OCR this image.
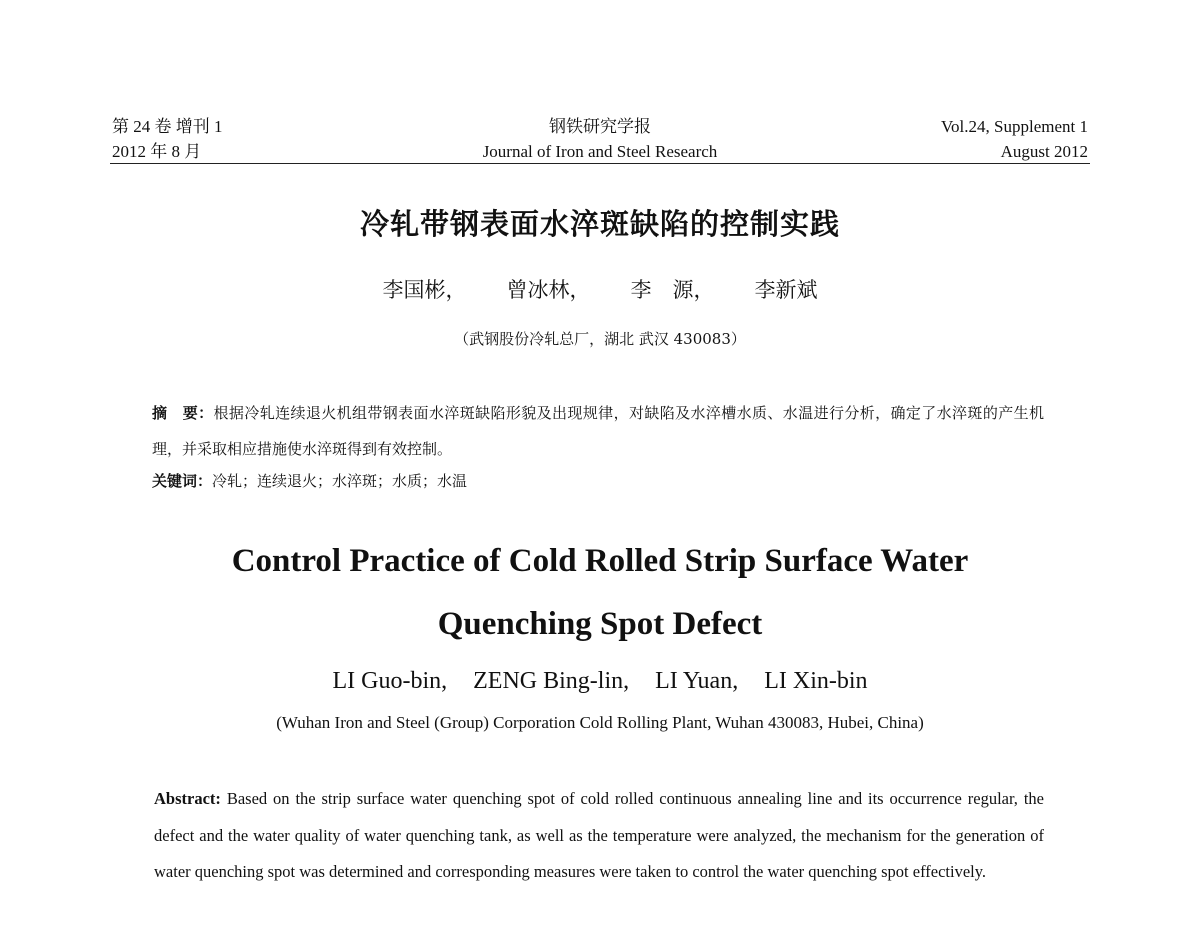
第 24 卷 增刊 1
2012 年 8 月
钢铁研究学报
Journal of Iron and Steel Research
Vol.24, Supplement 1
August 2012
冷轧带钢表面水淬斑缺陷的控制实践
李国彬， 曾冰林， 李　源， 李新斌
（武钢股份冷轧总厂，湖北 武汉 430083）
摘　要：根据冷轧连续退火机组带钢表面水淬斑缺陷形貌及出现规律，对缺陷及水淬槽水质、水温进行分析，确定了水淬斑的产生机理，并采取相应措施使水淬斑得到有效控制。
关键词：冷轧；连续退火；水淬斑；水质；水温
Control Practice of Cold Rolled Strip Surface Water
Quenching Spot Defect
LI Guo-bin, ZENG Bing-lin, LI Yuan, LI Xin-bin
(Wuhan Iron and Steel (Group) Corporation Cold Rolling Plant, Wuhan 430083, Hubei, China)
Abstract: Based on the strip surface water quenching spot of cold rolled continuous annealing line and its occurrence regular, the defect and the water quality of water quenching tank, as well as the temperature were analyzed, the mechanism for the generation of water quenching spot was determined and corresponding measures were taken to control the water quenching spot effectively.
